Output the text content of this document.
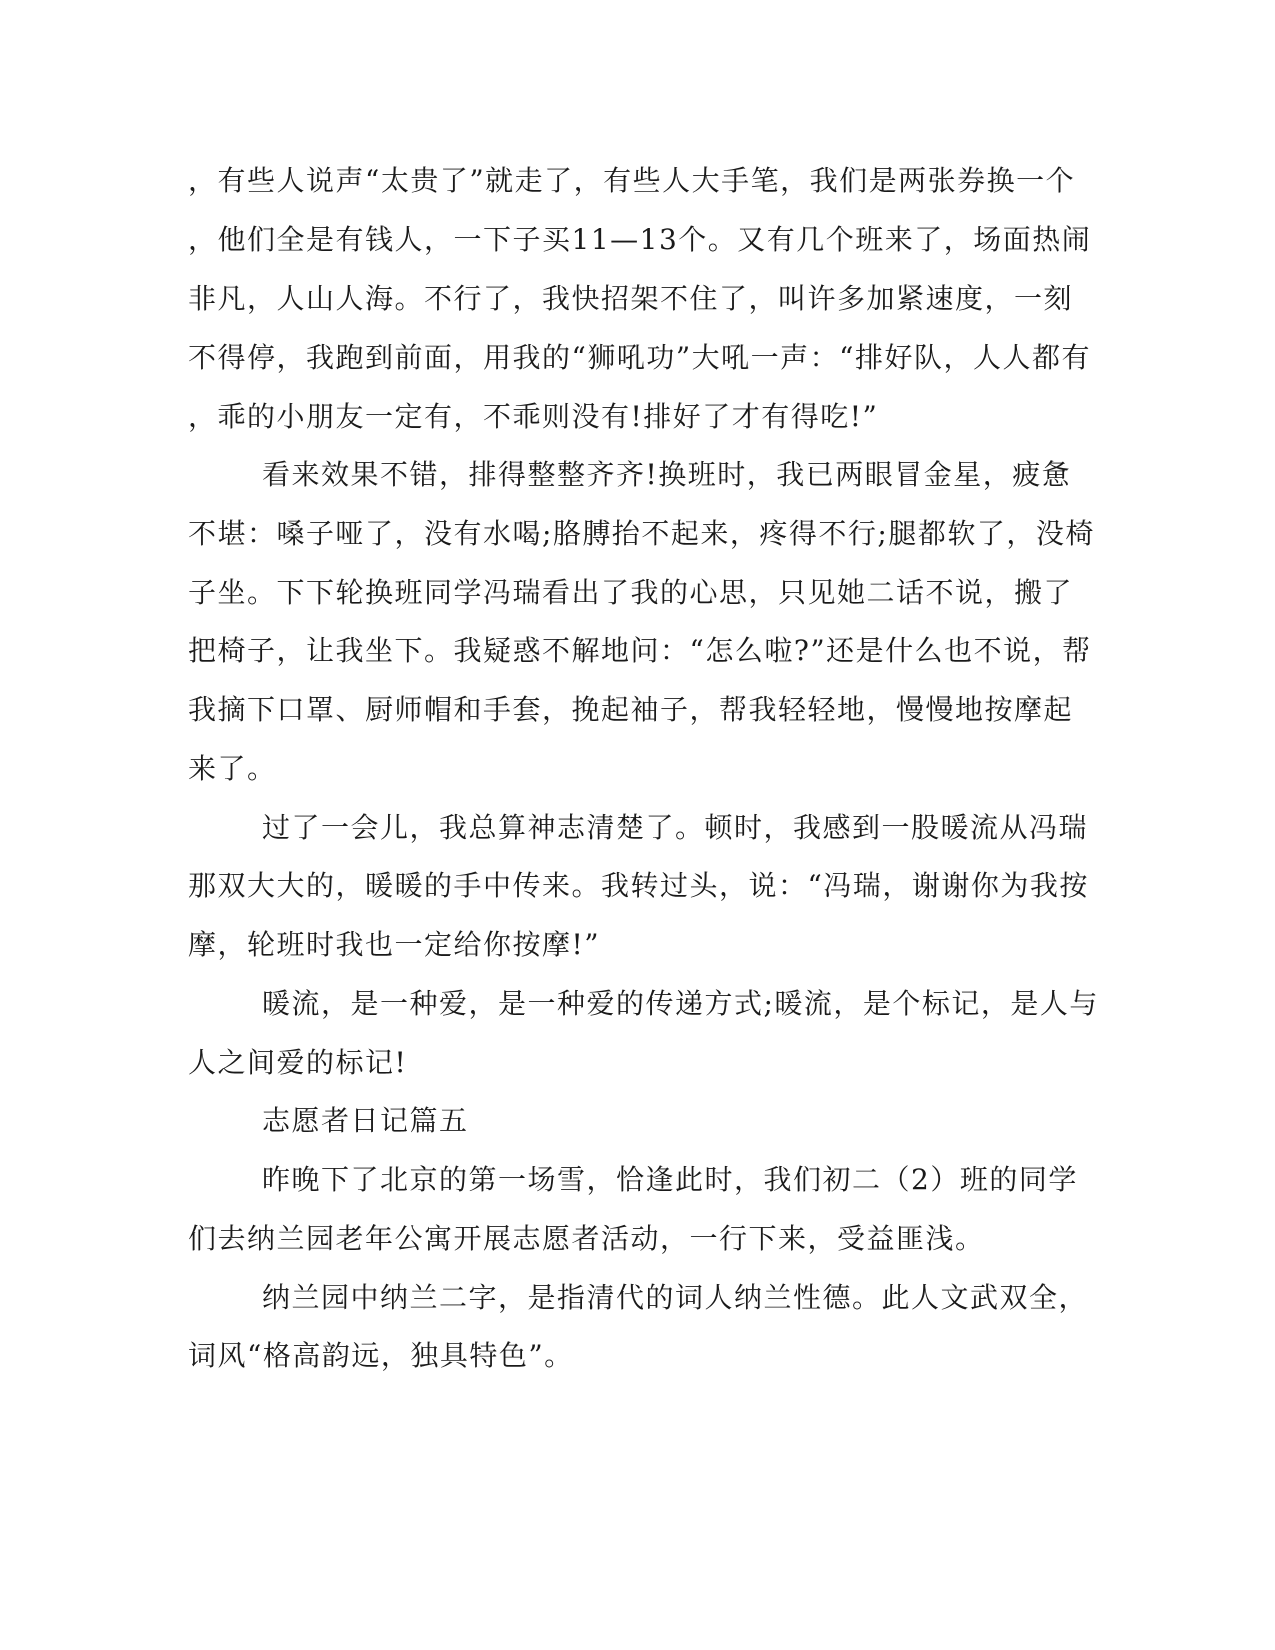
，有些人说声“太贵了”就走了，有些人大手笔，我们是两张券换一个
，他们全是有钱人，一下子买11—13个。又有几个班来了，场面热闹
非凡，人山人海。不行了，我快招架不住了，叫许多加紧速度，一刻
不得停，我跑到前面，用我的“狮吼功”大吼一声：“排好队，人人都有
，乖的小朋友一定有，不乖则没有!排好了才有得吃!”
看来效果不错，排得整整齐齐!换班时，我已两眼冒金星，疲惫
不堪：嗓子哑了，没有水喝;胳膊抬不起来，疼得不行;腿都软了，没椅
子坐。下下轮换班同学冯瑞看出了我的心思，只见她二话不说，搬了
把椅子，让我坐下。我疑惑不解地问：“怎么啦?”还是什么也不说，帮
我摘下口罩、厨师帽和手套，挽起袖子，帮我轻轻地，慢慢地按摩起
来了。
过了一会儿，我总算神志清楚了。顿时，我感到一股暖流从冯瑞
那双大大的，暖暖的手中传来。我转过头，说：“冯瑞，谢谢你为我按
摩，轮班时我也一定给你按摩!”
暖流，是一种爱，是一种爱的传递方式;暖流，是个标记，是人与
人之间爱的标记!
志愿者日记篇五
昨晚下了北京的第一场雪，恰逢此时，我们初二（2）班的同学
们去纳兰园老年公寓开展志愿者活动，一行下来，受益匪浅。
纳兰园中纳兰二字，是指清代的词人纳兰性德。此人文武双全，
词风“格高韵远，独具特色”。
